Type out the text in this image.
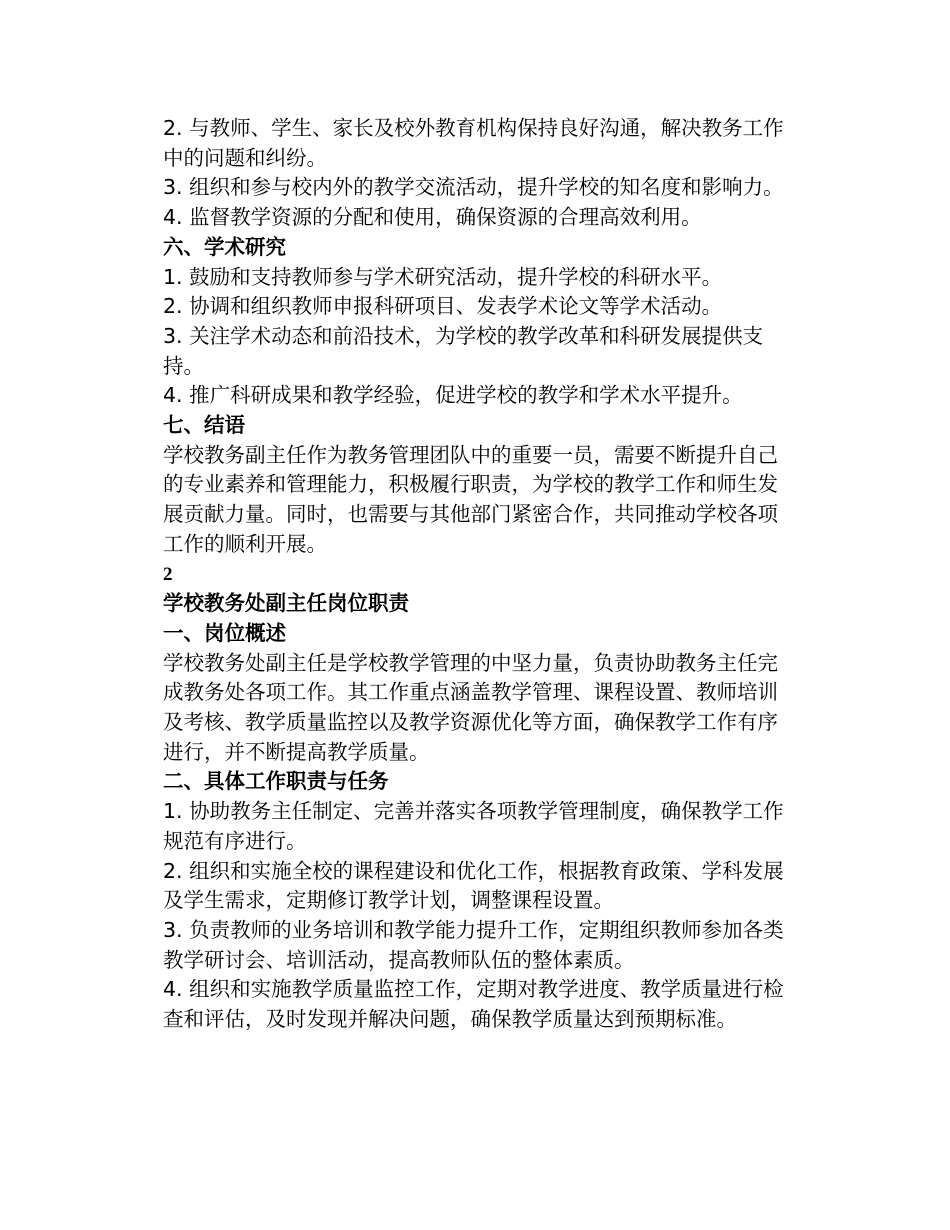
2. 与教师、学生、家长及校外教育机构保持良好沟通，解决教务工作中的问题和纠纷。
3. 组织和参与校内外的教学交流活动，提升学校的知名度和影响力。
4. 监督教学资源的分配和使用，确保资源的合理高效利用。
六、学术研究
1. 鼓励和支持教师参与学术研究活动，提升学校的科研水平。
2. 协调和组织教师申报科研项目、发表学术论文等学术活动。
3. 关注学术动态和前沿技术，为学校的教学改革和科研发展提供支持。
4. 推广科研成果和教学经验，促进学校的教学和学术水平提升。
七、结语
学校教务副主任作为教务管理团队中的重要一员，需要不断提升自己的专业素养和管理能力，积极履行职责，为学校的教学工作和师生发展贡献力量。同时，也需要与其他部门紧密合作，共同推动学校各项工作的顺利开展。
2
学校教务处副主任岗位职责
一、岗位概述
学校教务处副主任是学校教学管理的中坚力量，负责协助教务主任完成教务处各项工作。其工作重点涵盖教学管理、课程设置、教师培训及考核、教学质量监控以及教学资源优化等方面，确保教学工作有序进行，并不断提高教学质量。
二、具体工作职责与任务
1. 协助教务主任制定、完善并落实各项教学管理制度，确保教学工作规范有序进行。
2. 组织和实施全校的课程建设和优化工作，根据教育政策、学科发展及学生需求，定期修订教学计划，调整课程设置。
3. 负责教师的业务培训和教学能力提升工作，定期组织教师参加各类教学研讨会、培训活动，提高教师队伍的整体素质。
4. 组织和实施教学质量监控工作，定期对教学进度、教学质量进行检查和评估，及时发现并解决问题，确保教学质量达到预期标准。
